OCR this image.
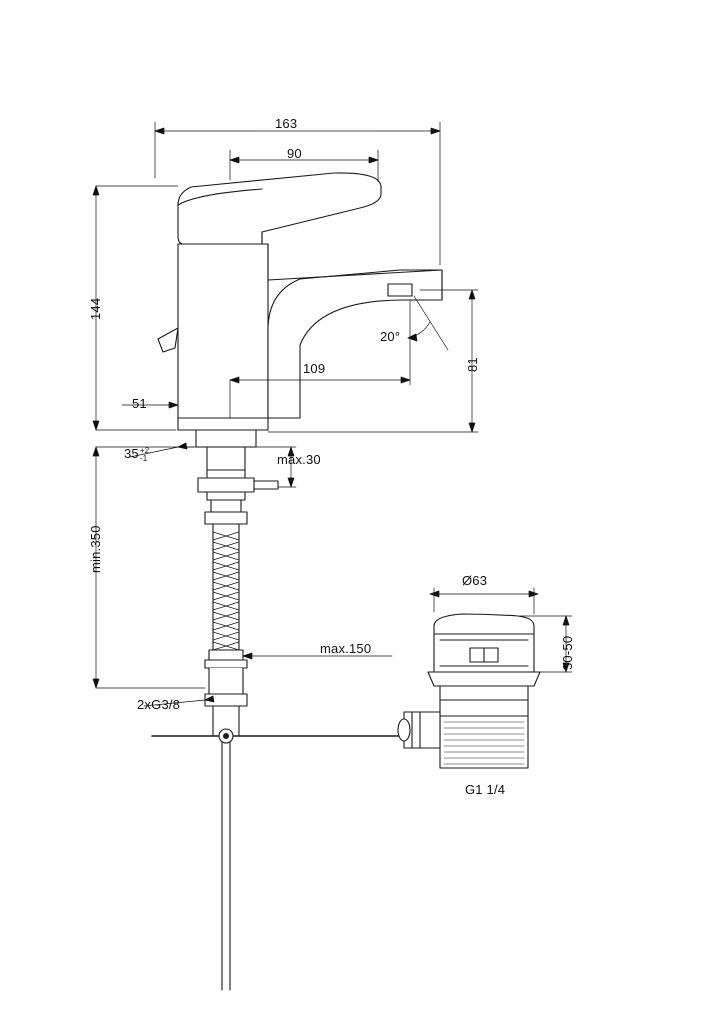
163
90
144
51
109	81
20°
35 +2
-1	max.30
min.350
max.150
2xG3/8
Ø63
30-50
G1 1/4
